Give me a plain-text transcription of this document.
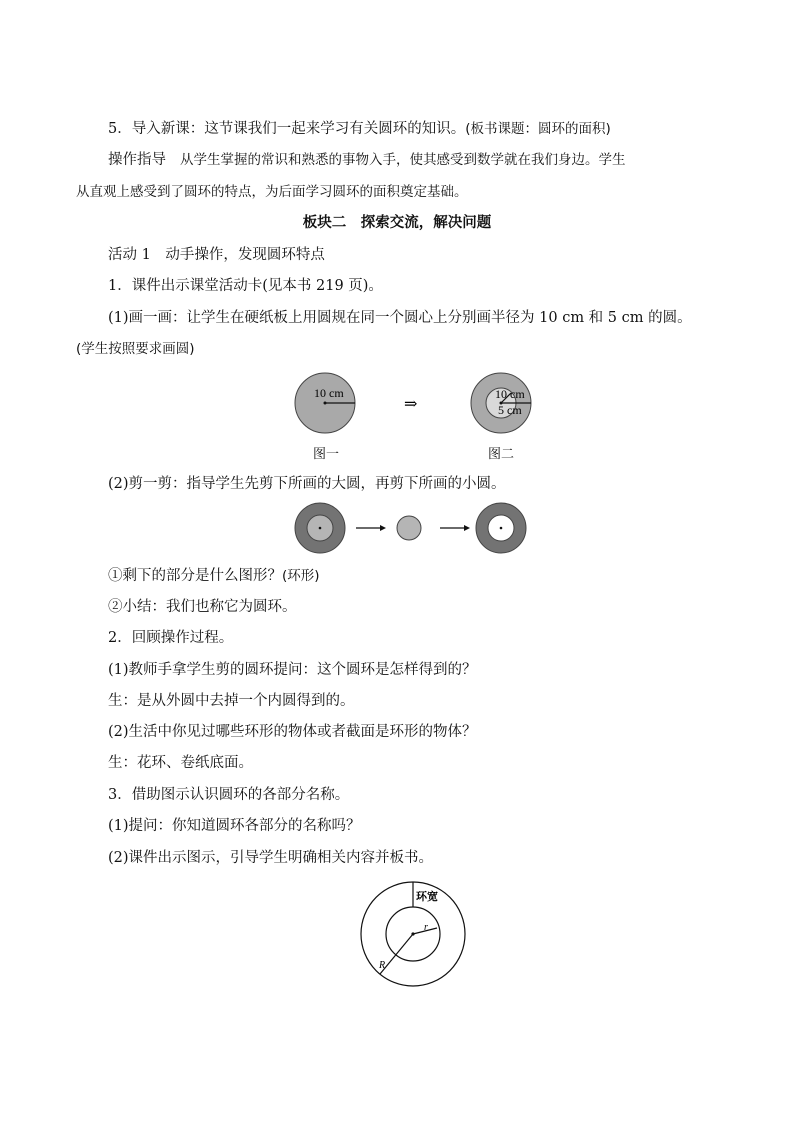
5．导入新课：这节课我们一起来学习有关圆环的知识。(板书课题：圆环的面积)
操作指导 从学生掌握的常识和熟悉的事物入手，使其感受到数学就在我们身边。学生
从直观上感受到了圆环的特点，为后面学习圆环的面积奠定基础。
板块二　探索交流，解决问题
活动 1　动手操作，发现圆环特点
1．课件出示课堂活动卡(见本书 219 页)。
(1)画一画：让学生在硬纸板上用圆规在同一个圆心上分别画半径为 10 cm 和 5 cm 的圆。
(学生按照要求画圆)
10 cm
⇒
10 cm
5 cm
图一	图二
(2)剪一剪：指导学生先剪下所画的大圆，再剪下所画的小圆。
①剩下的部分是什么图形？(环形)
②小结：我们也称它为圆环。
2．回顾操作过程。
(1)教师手拿学生剪的圆环提问：这个圆环是怎样得到的？
生：是从外圆中去掉一个内圆得到的。
(2)生活中你见过哪些环形的物体或者截面是环形的物体？
生：花环、卷纸底面。
3．借助图示认识圆环的各部分名称。
(1)提问：你知道圆环各部分的名称吗？
(2)课件出示图示，引导学生明确相关内容并板书。
环宽
r
R
